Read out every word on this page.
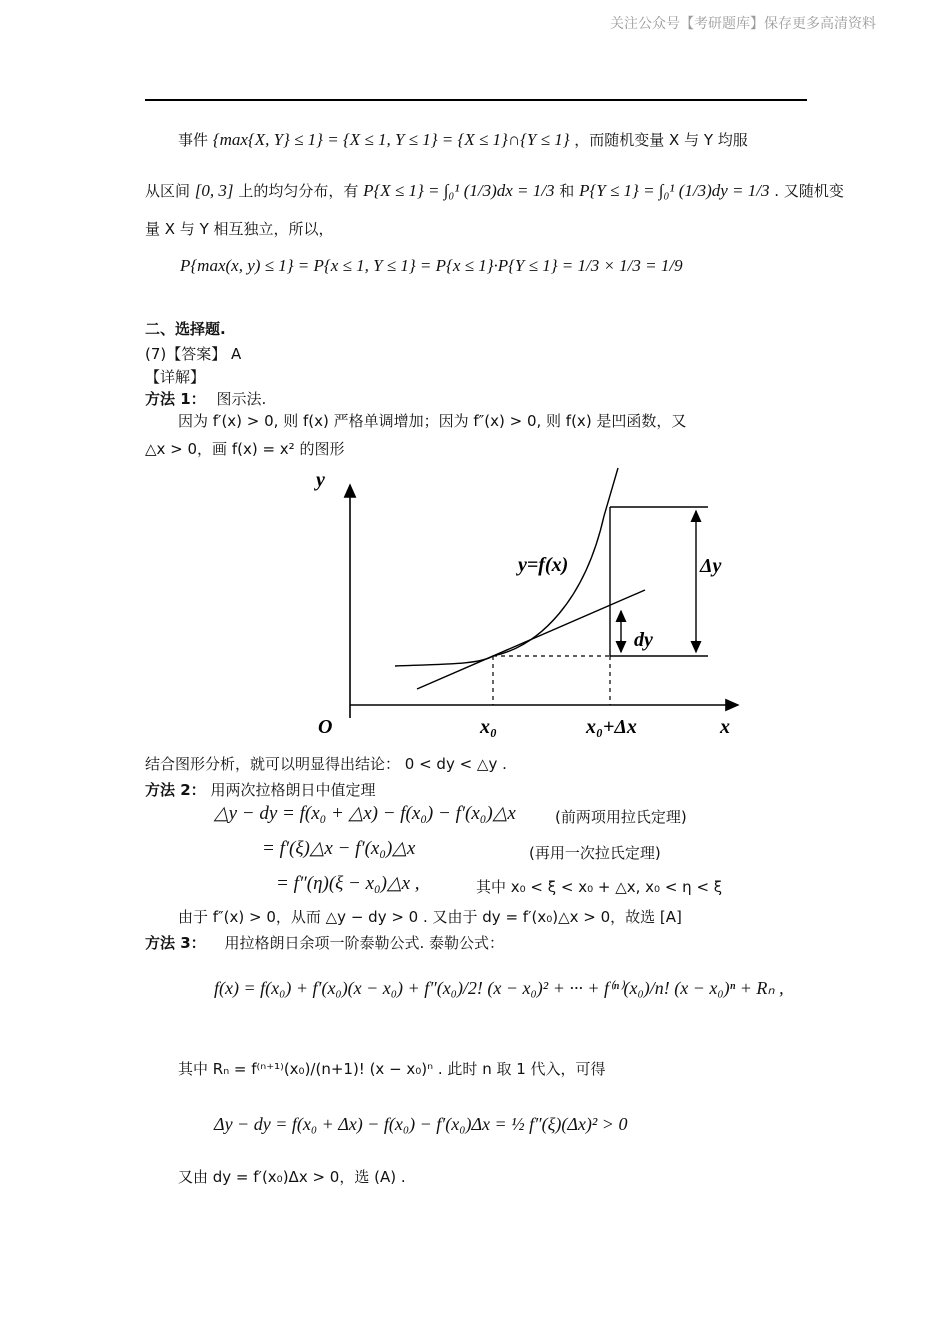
关注公众号【考研题库】保存更多高清资料
事件 {max{X, Y} ≤ 1} = {X ≤ 1, Y ≤ 1} = {X ≤ 1}∩{Y ≤ 1} ，而随机变量 X 与 Y 均服
从区间 [0, 3] 上的均匀分布，有 P{X ≤ 1} = ∫₀¹ (1/3)dx = 1/3 和 P{Y ≤ 1} = ∫₀¹ (1/3)dy = 1/3 . 又随机变
量 X 与 Y 相互独立，所以，
P{max(x, y) ≤ 1} = P{x ≤ 1, Y ≤ 1} = P{x ≤ 1}·P{Y ≤ 1} = 1/3 × 1/3 = 1/9
二、选择题.
(7)【答案】 A
【详解】
方法 1： 图示法.
因为 f′(x) > 0, 则 f(x) 严格单调增加；因为 f″(x) > 0, 则 f(x) 是凹函数，又
△x > 0，画 f(x) = x² 的图形
y
x
O
y=f(x)	Δy
dy
x₀	x₀+Δx
结合图形分析，就可以明显得出结论： 0 < dy < △y .
方法 2： 用两次拉格朗日中值定理
△y − dy = f(x₀ + △x) − f(x₀) − f′(x₀)△x	(前两项用拉氏定理)
= f′(ξ)△x − f′(x₀)△x	(再用一次拉氏定理)
= f″(η)(ξ − x₀)△x ,	其中 x₀ < ξ < x₀ + △x, x₀ < η < ξ
由于 f″(x) > 0，从而 △y − dy > 0 . 又由于 dy = f′(x₀)△x > 0，故选 [A]
方法 3： 用拉格朗日余项一阶泰勒公式. 泰勒公式：
f(x) = f(x₀) + f′(x₀)(x − x₀) + f″(x₀)/2! (x − x₀)² + ··· + f⁽ⁿ⁾(x₀)/n! (x − x₀)ⁿ + Rₙ ,
其中 Rₙ = f⁽ⁿ⁺¹⁾(x₀)/(n+1)! (x − x₀)ⁿ . 此时 n 取 1 代入，可得
Δy − dy = f(x₀ + Δx) − f(x₀) − f′(x₀)Δx = ½ f″(ξ)(Δx)² > 0
又由 dy = f′(x₀)Δx > 0，选 (A) .
